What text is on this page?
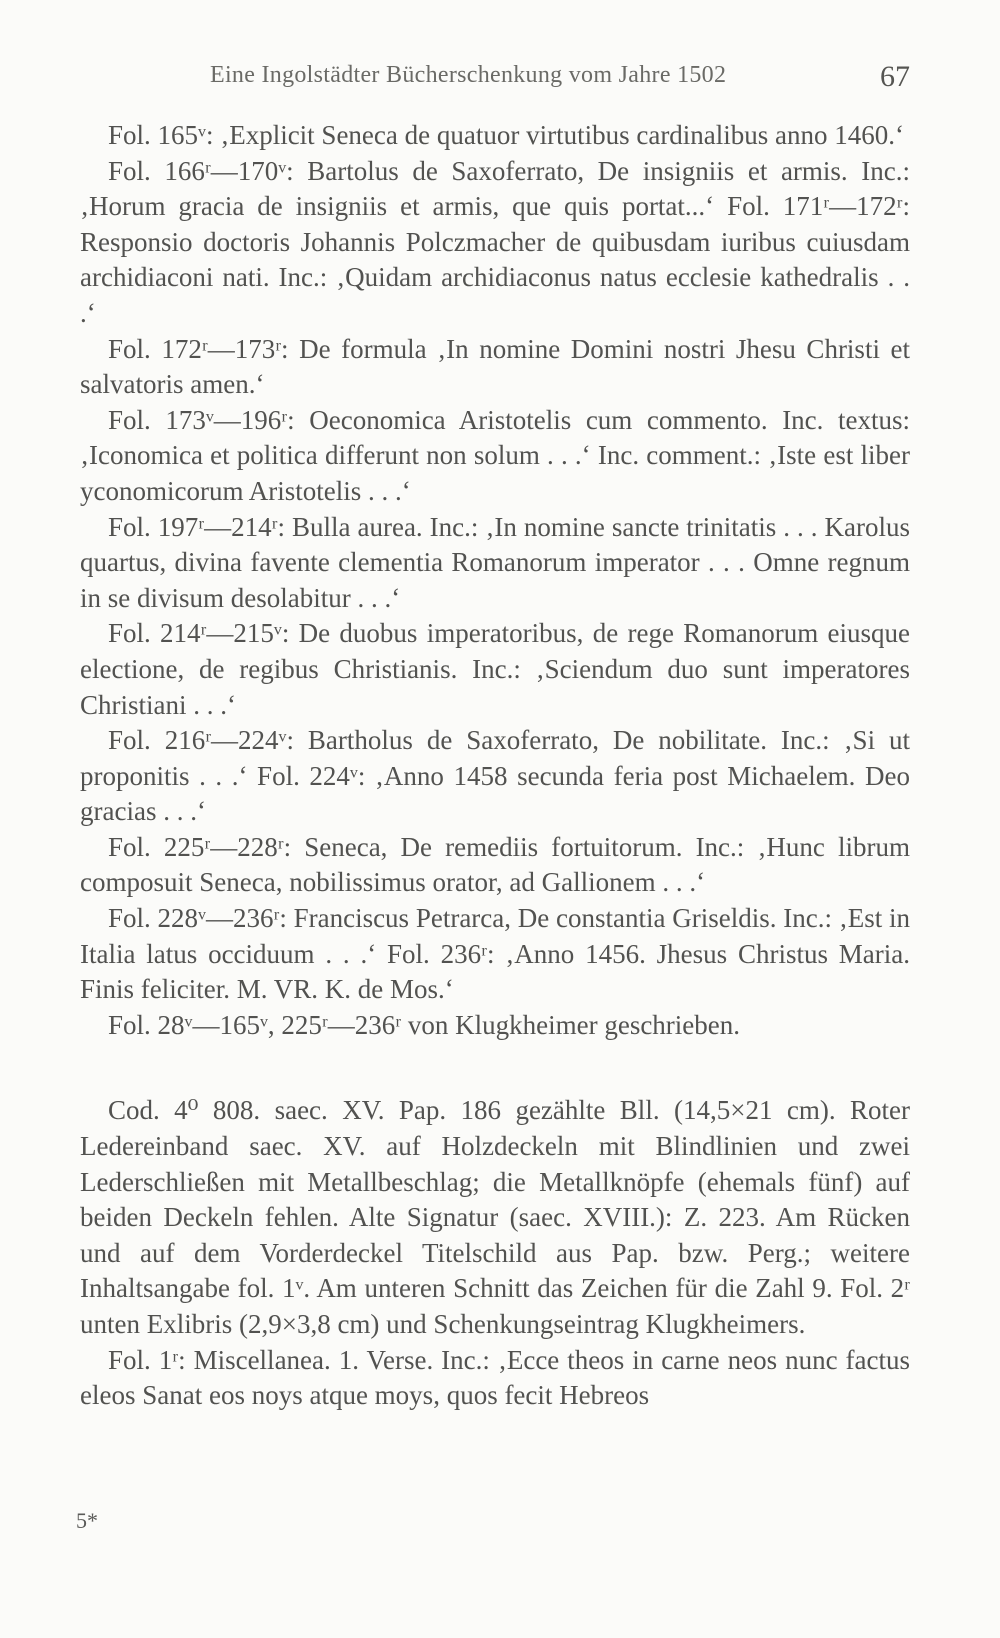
Eine Ingolstädter Bücherschenkung vom Jahre 1502	67

Fol. 165ᵛ: ‚Explicit Seneca de quatuor virtutibus cardinalibus anno 1460.‘

Fol. 166ʳ—170ᵛ: Bartolus de Saxoferrato, De insigniis et armis. Inc.: ‚Horum gracia de insigniis et armis, que quis portat...‘ Fol. 171ʳ—172ʳ: Responsio doctoris Johannis Polczmacher de quibusdam iuribus cuiusdam archidiaconi nati. Inc.: ‚Quidam archidiaconus natus ecclesie kathedralis . . .‘

Fol. 172ʳ—173ʳ: De formula ‚In nomine Domini nostri Jhesu Christi et salvatoris amen.‘

Fol. 173ᵛ—196ʳ: Oeconomica Aristotelis cum commento. Inc. textus: ‚Iconomica et politica differunt non solum . . .‘ Inc. comment.: ‚Iste est liber yconomicorum Aristotelis . . .‘

Fol. 197ʳ—214ʳ: Bulla aurea. Inc.: ‚In nomine sancte trinitatis . . . Karolus quartus, divina favente clementia Romanorum imperator . . . Omne regnum in se divisum desolabitur . . .‘

Fol. 214ʳ—215ᵛ: De duobus imperatoribus, de rege Romanorum eiusque electione, de regibus Christianis. Inc.: ‚Sciendum duo sunt imperatores Christiani . . .‘

Fol. 216ʳ—224ᵛ: Bartholus de Saxoferrato, De nobilitate. Inc.: ‚Si ut proponitis . . .‘ Fol. 224ᵛ: ‚Anno 1458 secunda feria post Michaelem. Deo gracias . . .‘

Fol. 225ʳ—228ʳ: Seneca, De remediis fortuitorum. Inc.: ‚Hunc librum composuit Seneca, nobilissimus orator, ad Gallionem . . .‘

Fol. 228ᵛ—236ʳ: Franciscus Petrarca, De constantia Griseldis. Inc.: ‚Est in Italia latus occiduum . . .‘ Fol. 236ʳ: ‚Anno 1456. Jhesus Christus Maria. Finis feliciter. M. VR. K. de Mos.‘

Fol. 28ᵛ—165ᵛ, 225ʳ—236ʳ von Klugkheimer geschrieben.

Cod. 4⁰ 808. saec. XV. Pap. 186 gezählte Bll. (14,5×21 cm). Roter Ledereinband saec. XV. auf Holzdeckeln mit Blindlinien und zwei Lederschließen mit Metallbeschlag; die Metallknöpfe (ehemals fünf) auf beiden Deckeln fehlen. Alte Signatur (saec. XVIII.): Z. 223. Am Rücken und auf dem Vorderdeckel Titelschild aus Pap. bzw. Perg.; weitere Inhaltsangabe fol. 1ᵛ. Am unteren Schnitt das Zeichen für die Zahl 9. Fol. 2ʳ unten Exlibris (2,9×3,8 cm) und Schenkungseintrag Klugkheimers.

Fol. 1ʳ: Miscellanea. 1. Verse. Inc.: ‚Ecce theos in carne neos nunc factus eleos Sanat eos noys atque moys, quos fecit Hebreos

5*
